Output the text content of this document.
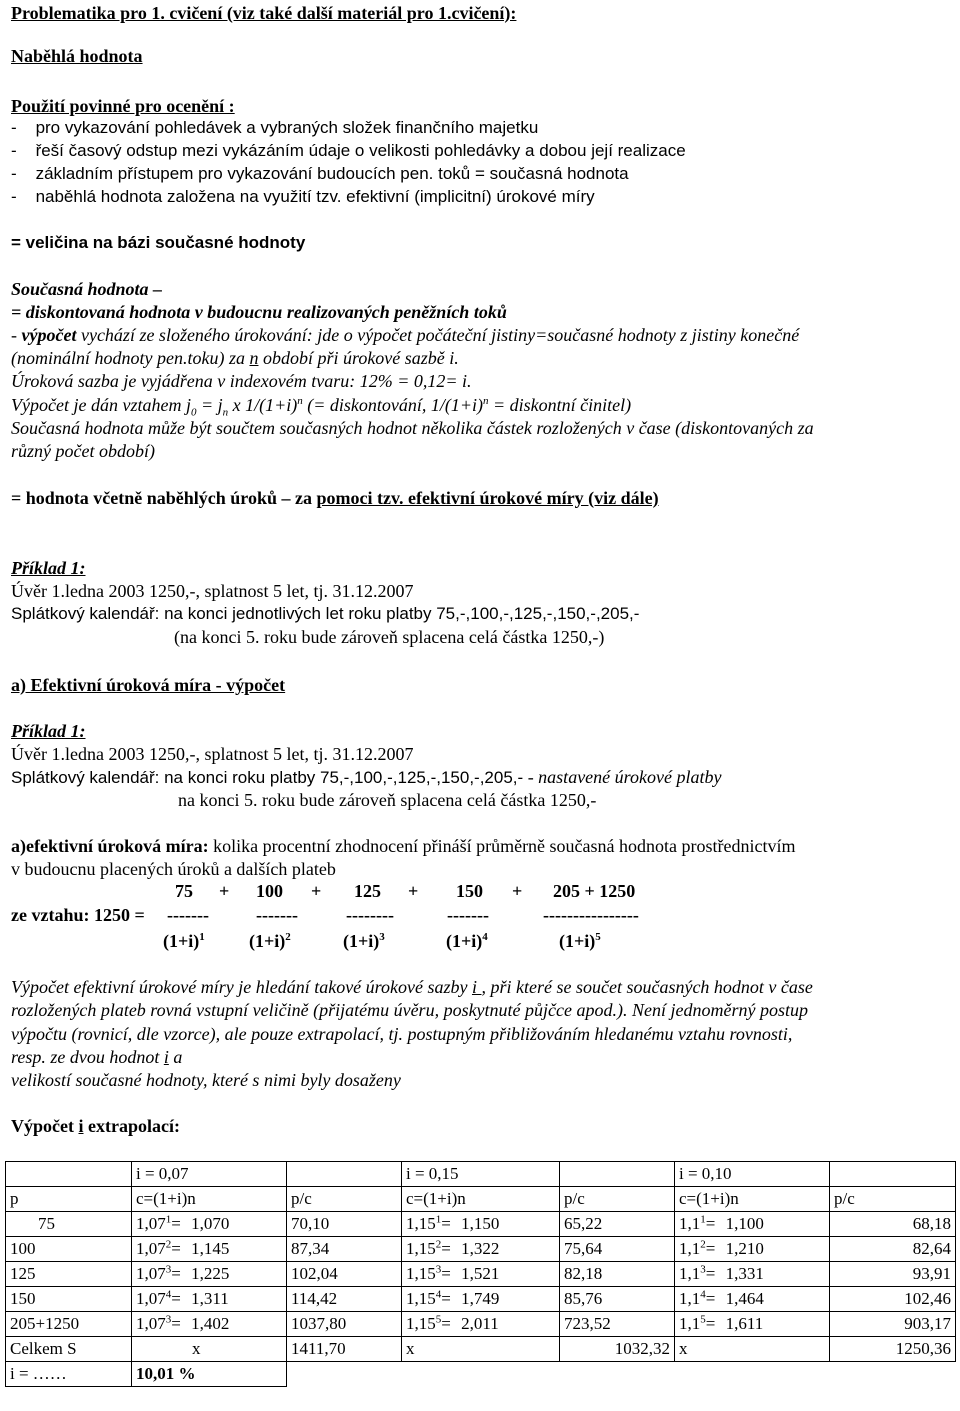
Problematika pro 1. cvičení (viz také další materiál pro 1.cvičení):
Naběhlá hodnota
Použití povinné pro ocenění :
-    pro vykazování pohledávek a vybraných složek finančního majetku
-    řeší časový odstup mezi vykázáním údaje o velikosti pohledávky a dobou její realizace
-    základním přístupem pro vykazování budoucích pen. toků = současná hodnota
-    naběhlá hodnota založena na využití tzv. efektivní (implicitní) úrokové míry
= veličina na bázi současné hodnoty
Současná hodnota –
= diskontovaná hodnota v budoucnu realizovaných peněžních toků
- výpočet vychází ze složeného úrokování: jde o výpočet počáteční jistiny=současné hodnoty z jistiny konečné
(nominální hodnoty pen.toku) za n období při úrokové sazbě i.
Úroková sazba je vyjádřena v indexovém tvaru: 12% = 0,12= i.
Výpočet je dán vztahem $j_0 = j_n$ x $1/(1+i)^n$ (= diskontování, $1/(1+i)^n$ = diskontní činitel)
Současná hodnota může být součtem současných hodnot několika částek rozložených v čase (diskontovaných za
různý počet období)
= hodnota včetně naběhlých úroků – za pomoci tzv. efektivní úrokové míry (viz dále)
Příklad 1:
Úvěr 1.ledna 2003 1250,-, splatnost 5 let, tj. 31.12.2007
Splátkový kalendář: na konci jednotlivých let roku platby 75,-,100,-,125,-,150,-,205,-
(na konci 5. roku bude zároveň splacena celá částka 1250,-)
a) Efektivní úroková míra - výpočet
Příklad 1:
Úvěr 1.ledna 2003 1250,-, splatnost 5 let, tj. 31.12.2007
Splátkový kalendář: na konci roku platby 75,-,100,-,125,-,150,-,205,- - nastavené úrokové platby
na konci 5. roku bude zároveň splacena celá částka 1250,-
a)efektivní úroková míra: kolika procentní zhodnocení přináší průměrně současná hodnota prostřednictvím
v budoucnu placených úroků a dalších plateb
75 + 100 + 125 + 150 + 205 + 1250
ze vztahu: 1250 = -------	-------	--------	-------	----------------
$(1+i)^1$ $(1+i)^2$	$(1+i)^3$	$(1+i)^4$	$(1+i)^5$
Výpočet efektivní úrokové míry je hledání takové úrokové sazby i , při které se součet současných hodnot v čase
rozložených plateb rovná vstupní veličině (přijatému úvěru, poskytnuté půjčce apod.). Není jednoměrný postup
výpočtu (rovnicí, dle vzorce), ale pouze extrapolací, tj. postupným přibližováním hledanému vztahu rovnosti,
resp. ze dvou hodnot i a
velikostí současné hodnoty, které s nimi byly dosaženy
Výpočet i extrapolací:
	i = 0,07		i = 0,15		i = 0,10	
p	c=(1+i)n	p/c	c=(1+i)n	p/c	c=(1+i)n	p/c
75	$1,07^1= 1,070$	70,10	$1,15^1= 1,150$	65,22	$1,1^1= 1,100$	68,18
100	$1,07^2= 1,145$	87,34	$1,15^2= 1,322$	75,64	$1,1^2= 1,210$	82,64
125	$1,07^3= 1,225$	102,04	$1,15^3= 1,521$	82,18	$1,1^3= 1,331$	93,91
150	$1,07^4= 1,311$	114,42	$1,15^4= 1,749$	85,76	$1,1^4= 1,464$	102,46
205+1250	$1,07^3= 1,402$	1037,80	$1,15^5= 2,011$	723,52	$1,1^5= 1,611$	903,17
Celkem S	x	1411,70	x	1032,32	x	1250,36
i = ……	10,01 %					
